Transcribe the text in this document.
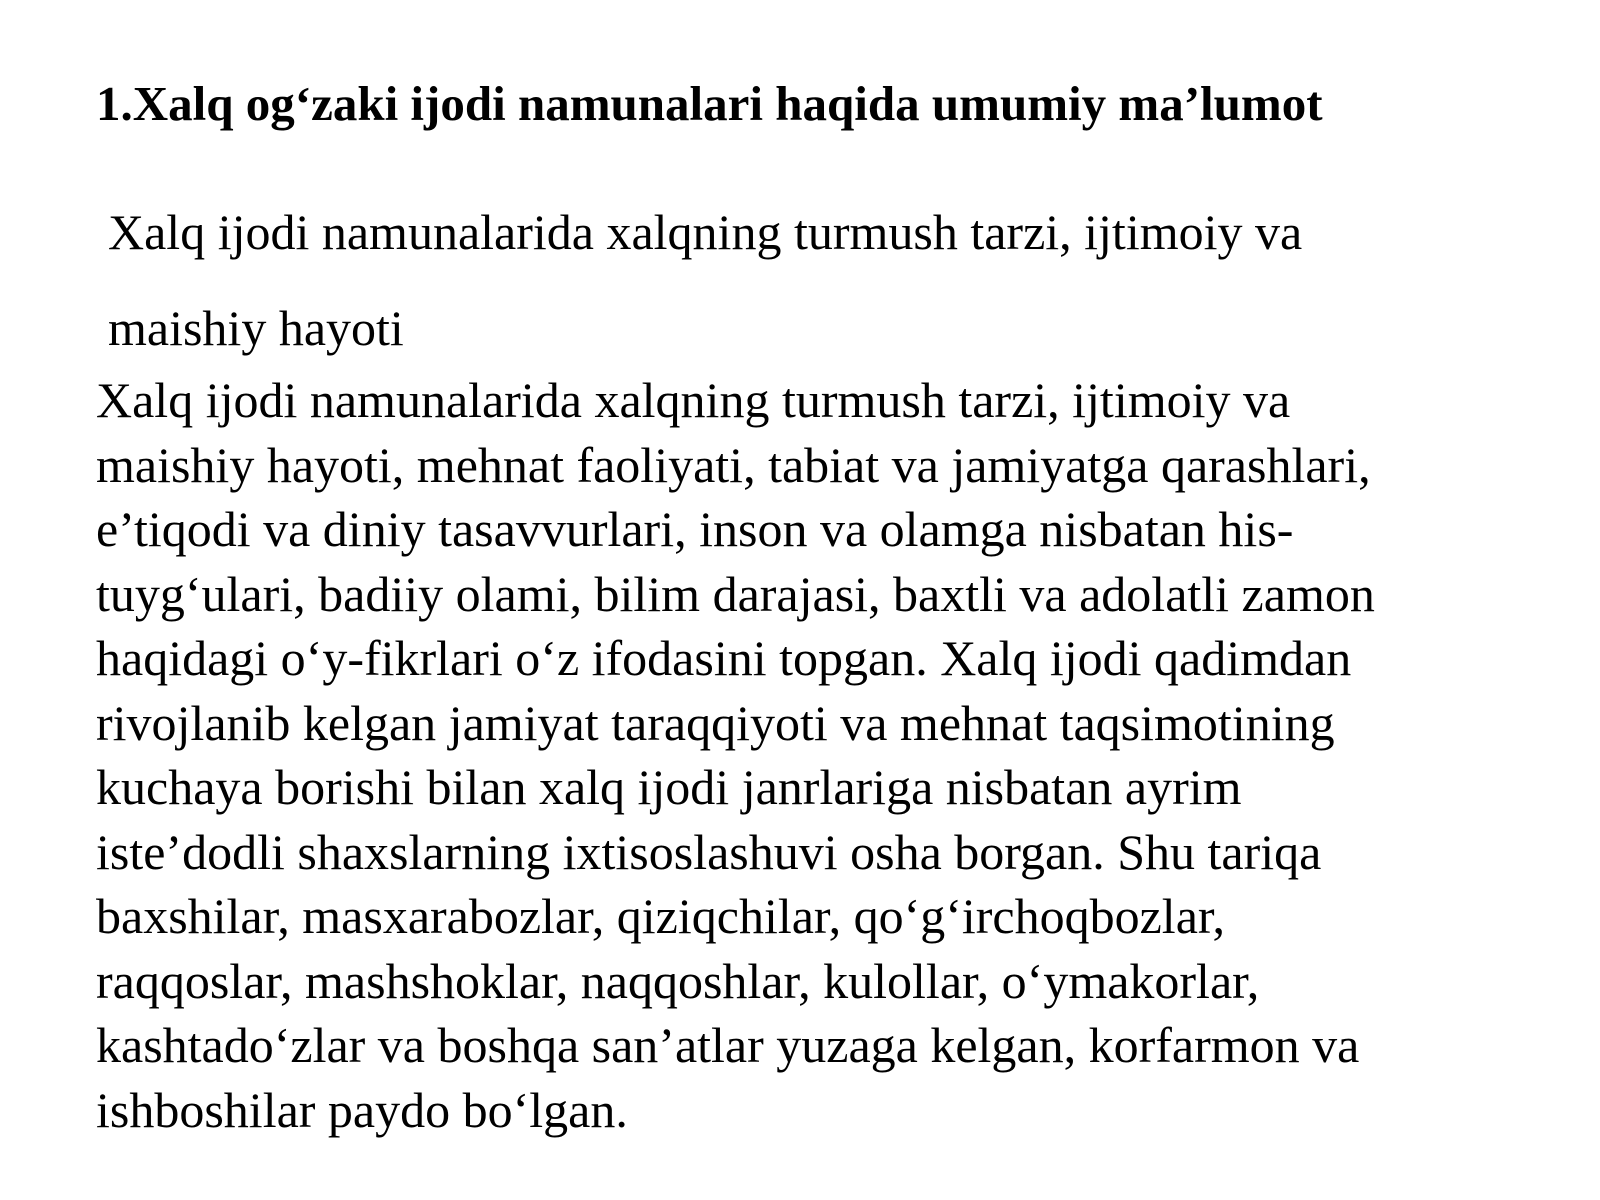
1.Xalq og‘zaki ijodi namunalari haqida umumiy ma’lumot

Xalq ijodi namunalarida xalqning turmush tarzi, ijtimoiy va
maishiy hayoti

Xalq ijodi namunalarida xalqning turmush tarzi, ijtimoiy va
maishiy hayoti, mehnat faoliyati, tabiat va jamiyatga qarashlari,
e’tiqodi va diniy tasavvurlari, inson va olamga nisbatan his-
tuyg‘ulari, badiiy olami, bilim darajasi, baxtli va adolatli zamon
haqidagi o‘y-fikrlari o‘z ifodasini topgan. Xalq ijodi qadimdan
rivojlanib kelgan jamiyat taraqqiyoti va mehnat taqsimotining
kuchaya borishi bilan xalq ijodi janrlariga nisbatan ayrim
iste’dodli shaxslarning ixtisoslashuvi osha borgan. Shu tariqa
baxshilar, masxarabozlar, qiziqchilar, qo‘g‘irchoqbozlar,
raqqoslar, mashshoklar, naqqoshlar, kulollar, o‘ymakorlar,
kashtado‘zlar va boshqa san’atlar yuzaga kelgan, korfarmon va
ishboshilar paydo bo‘lgan.
